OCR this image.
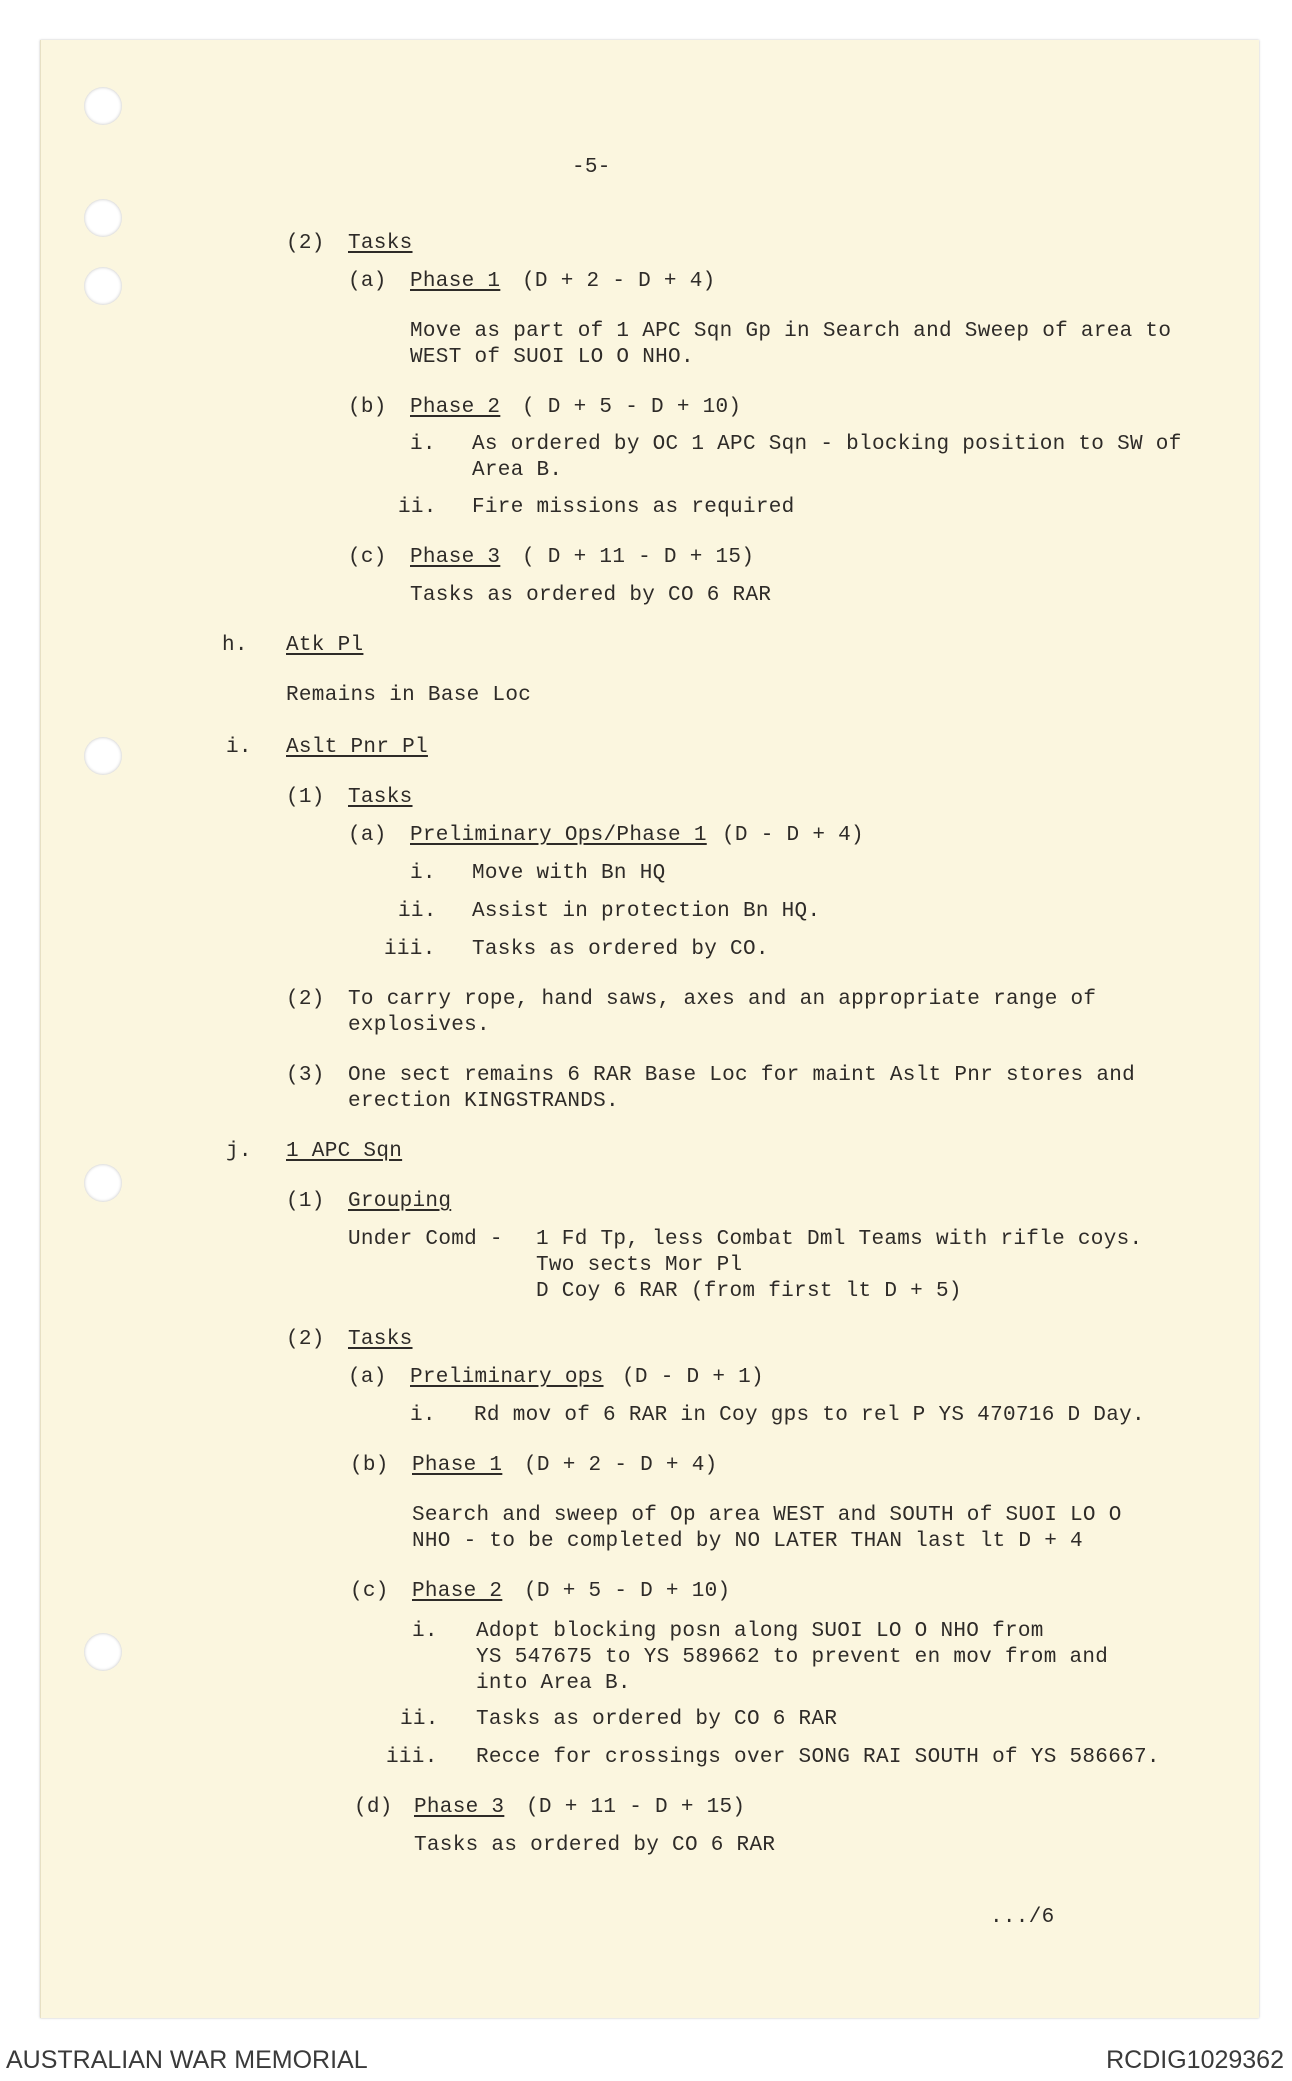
-5-
(2) Tasks
(a) Phase 1 (D + 2 - D + 4)
Move as part of 1 APC Sqn Gp in Search and Sweep of area to
WEST of SUOI LO O NHO.
(b) Phase 2 ( D + 5 - D + 10)
i. As ordered by OC 1 APC Sqn - blocking position to SW of
Area B.
ii. Fire missions as required
(c) Phase 3 ( D + 11 - D + 15)
Tasks as ordered by CO 6 RAR
h. Atk Pl
Remains in Base Loc
i. Aslt Pnr Pl
(1) Tasks
(a) Preliminary Ops/Phase 1 (D - D + 4)
i. Move with Bn HQ
ii. Assist in protection Bn HQ.
iii. Tasks as ordered by CO.
(2) To carry rope, hand saws, axes and an appropriate range of
explosives.
(3) One sect remains 6 RAR Base Loc for maint Aslt Pnr stores and
erection KINGSTRANDS.
j. 1 APC Sqn
(1) Grouping
Under Comd - 1 Fd Tp, less Combat Dml Teams with rifle coys.
Two sects Mor Pl
D Coy 6 RAR (from first lt D + 5)
(2) Tasks
(a) Preliminary ops (D - D + 1)
i. Rd mov of 6 RAR in Coy gps to rel P YS 470716 D Day.
(b) Phase 1 (D + 2 - D + 4)
Search and sweep of Op area WEST and SOUTH of SUOI LO O
NHO - to be completed by NO LATER THAN last lt D + 4
(c) Phase 2 (D + 5 - D + 10)
i. Adopt blocking posn along SUOI LO O NHO from
YS 547675 to YS 589662 to prevent en mov from and
into Area B.
ii. Tasks as ordered by CO 6 RAR
iii. Recce for crossings over SONG RAI SOUTH of YS 586667.
(d) Phase 3 (D + 11 - D + 15)
Tasks as ordered by CO 6 RAR
.../6
AUSTRALIAN WAR MEMORIAL	RCDIG1029362
